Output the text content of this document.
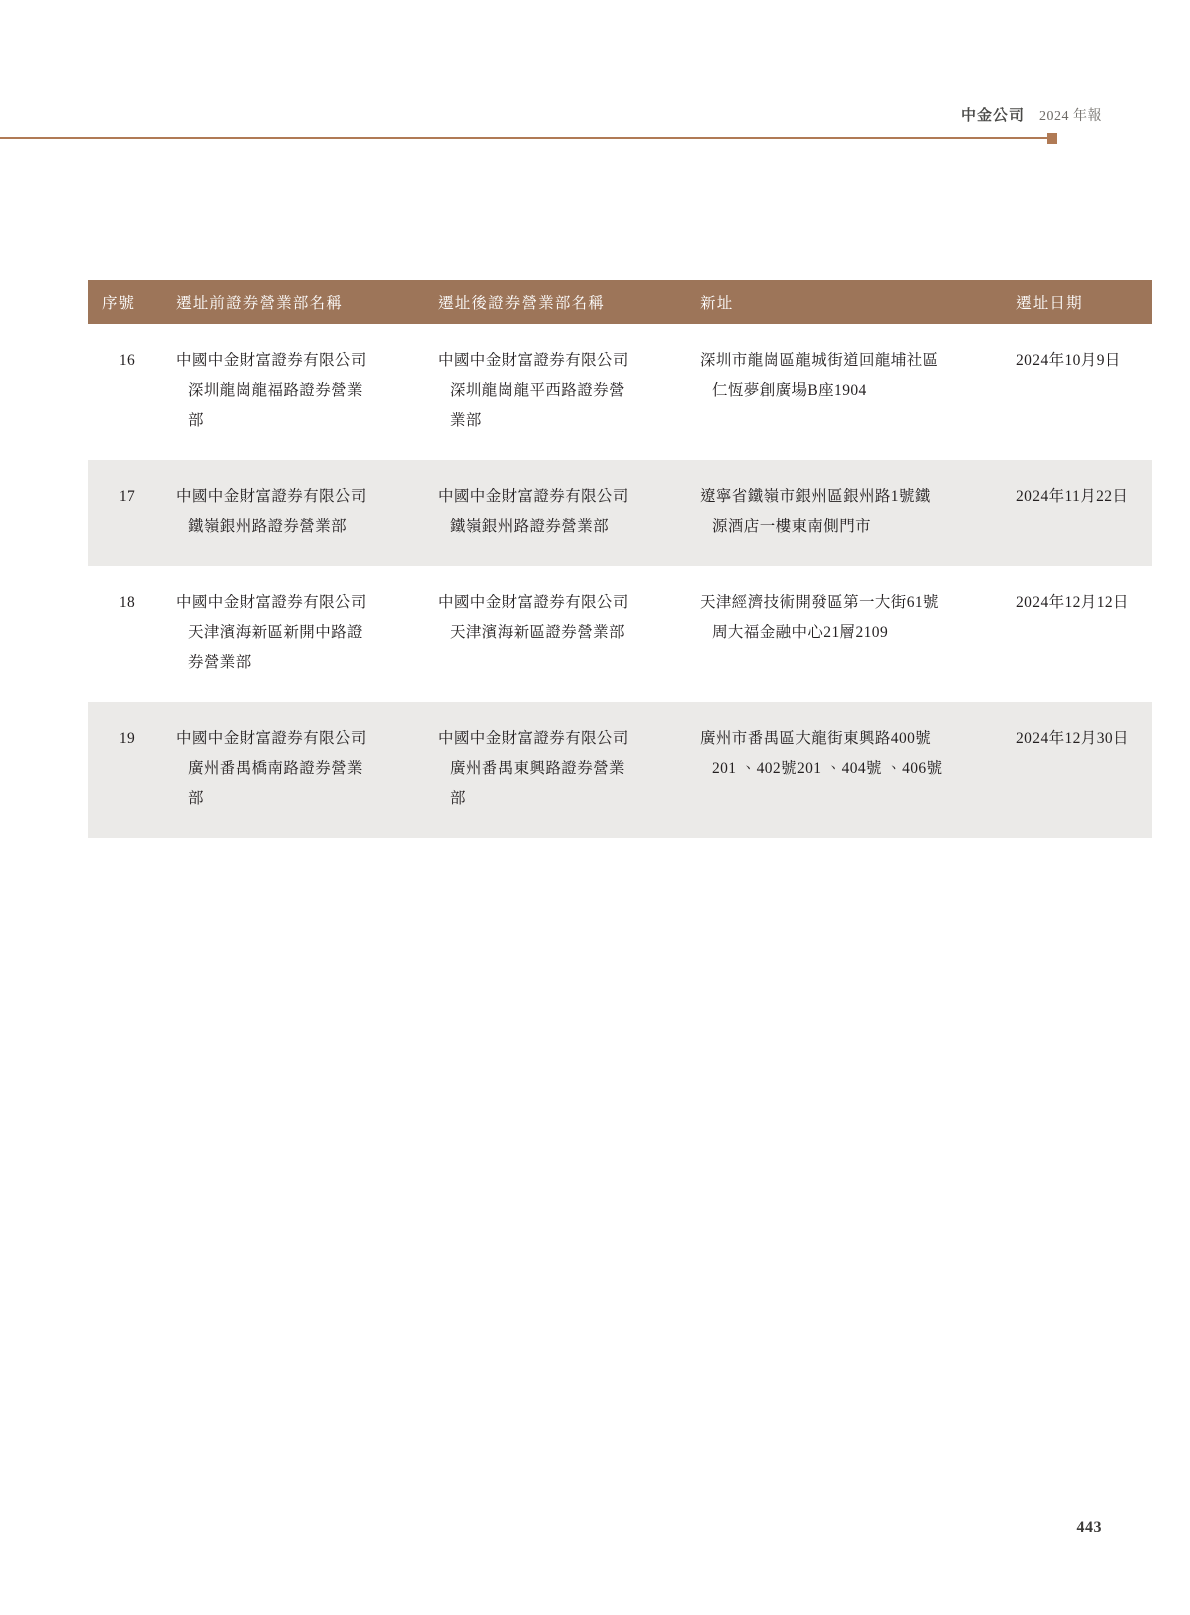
中金公司 2024 年報
序號	遷址前證券營業部名稱	遷址後證券營業部名稱	新址	遷址日期
16	中國中金財富證券有限公司
深圳龍崗龍福路證券營業
部	中國中金財富證券有限公司
深圳龍崗龍平西路證券營
業部	深圳市龍崗區龍城街道回龍埔社區
仁恆夢創廣場B座1904	2024年10月9日
17	中國中金財富證券有限公司
鐵嶺銀州路證券營業部	中國中金財富證券有限公司
鐵嶺銀州路證券營業部	遼寧省鐵嶺市銀州區銀州路1號鐵
源酒店一樓東南側門市	2024年11月22日
18	中國中金財富證券有限公司
天津濱海新區新開中路證
券營業部	中國中金財富證券有限公司
天津濱海新區證券營業部	天津經濟技術開發區第一大街61號
周大福金融中心21層2109	2024年12月12日
19	中國中金財富證券有限公司
廣州番禺橋南路證券營業
部	中國中金財富證券有限公司
廣州番禺東興路證券營業
部	廣州市番禺區大龍街東興路400號
201 、402號201 、404號 、406號	2024年12月30日
443
